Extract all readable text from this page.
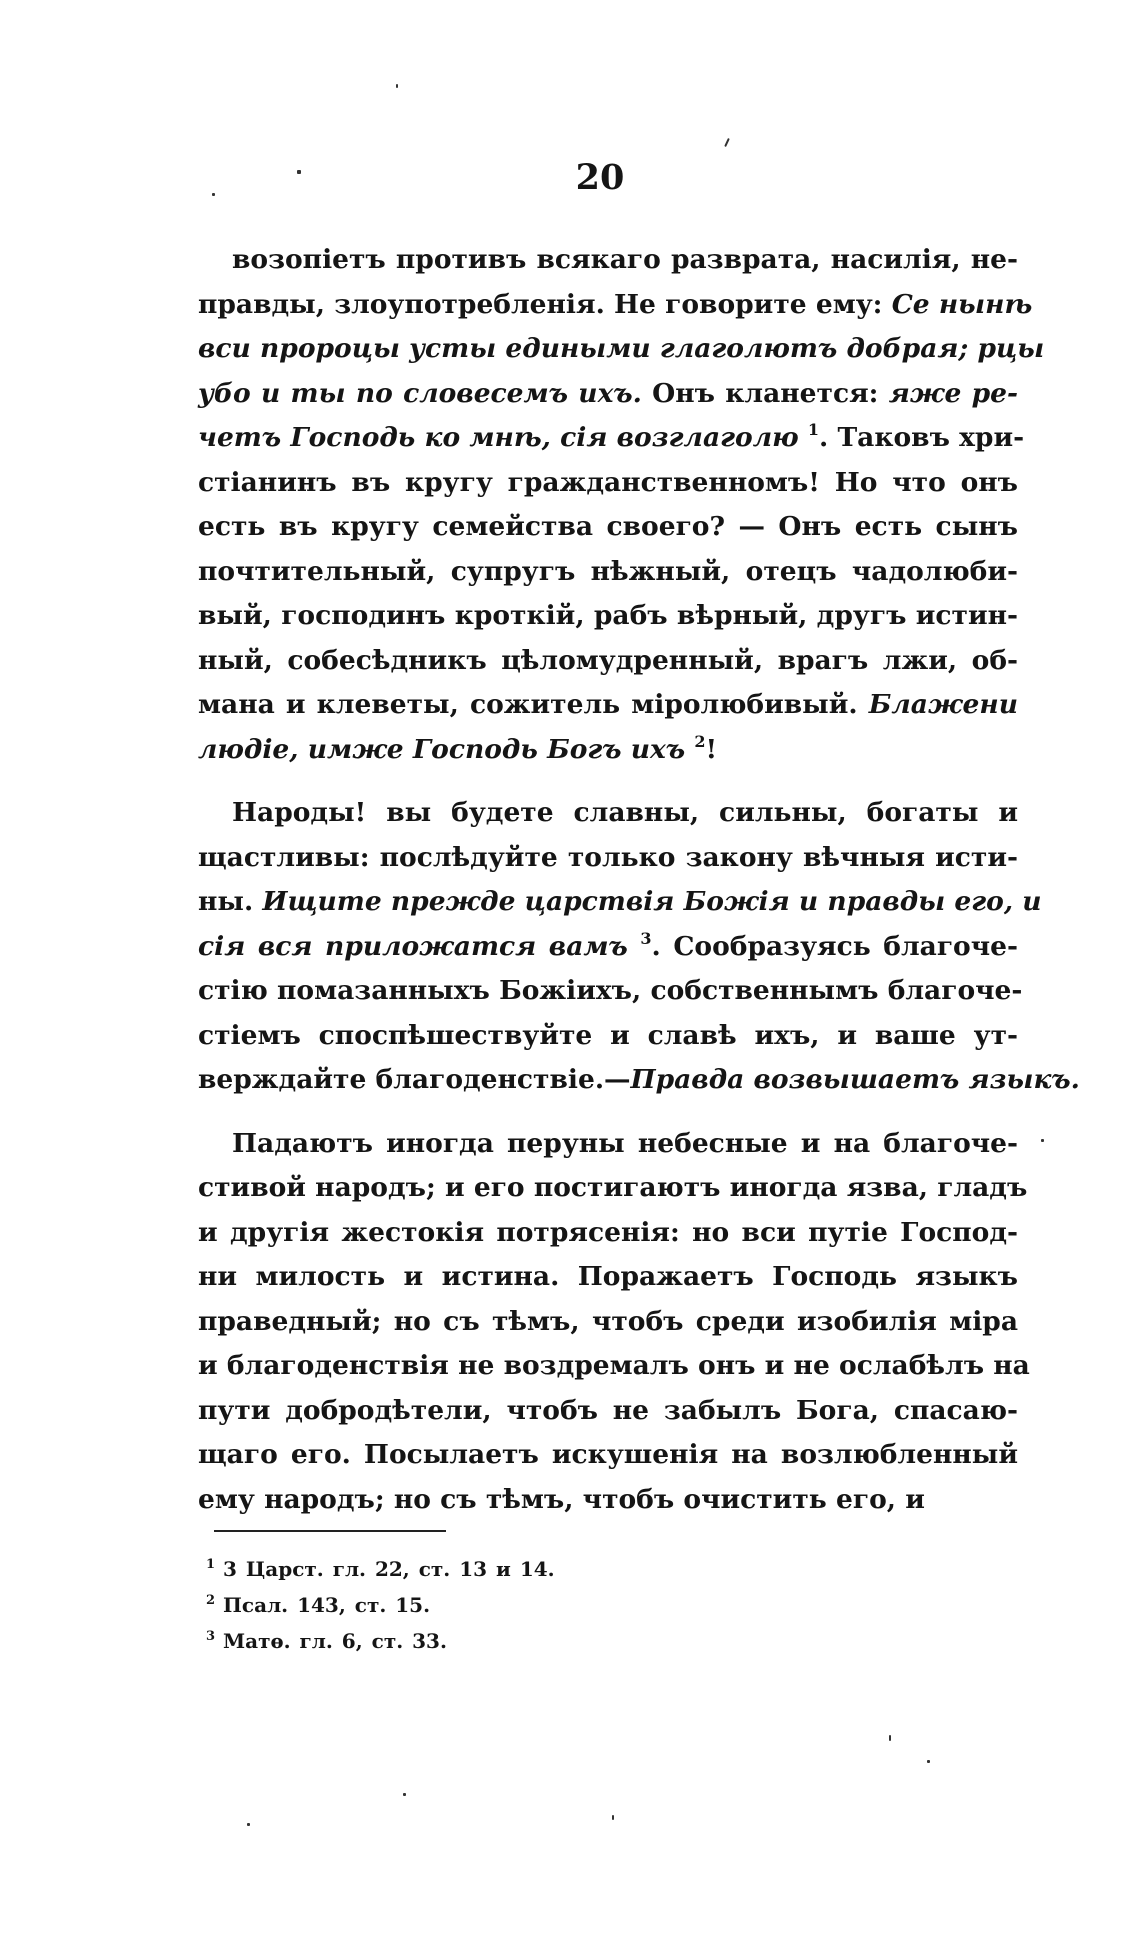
20
возопіетъ противъ всякаго разврата, насилія, не-
правды, злоупотребленія. Не говорите ему: Се нынѣ
вси пророцы усты едиными глаголютъ добрая; рцы
убо и ты по словесемъ ихъ. Онъ кланется: яже ре-
четъ Господь ко мнѣ, сія возглаголю $^1$. Таковъ хри-
стіанинъ въ кругу гражданственномъ! Но что онъ
есть въ кругу семейства своего? — Онъ есть сынъ
почтительный, супругъ нѣжный, отецъ чадолюби-
вый, господинъ кроткій, рабъ вѣрный, другъ истин-
ный, собесѣдникъ цѣломудренный, врагъ лжи, об-
мана и клеветы, сожитель міролюбивый. Блажени
людіе, имже Господь Богъ ихъ $^2$!
Народы! вы будете славны, сильны, богаты и
щастливы: послѣдуйте только закону вѣчныя исти-
ны. Ищите прежде царствія Божія и правды его, и
сія вся приложатся вамъ $^3$. Сообразуясь благоче-
стію помазанныхъ Божіихъ, собственнымъ благоче-
стіемъ споспѣшествуйте и славѣ ихъ, и ваше ут-
верждайте благоденствіе.—Правда возвышаетъ языкъ.
Падаютъ иногда перуны небесные и на благоче-
стивой народъ; и его постигаютъ иногда язва, гладъ
и другія жестокія потрясенія: но вси путіе Господ-
ни милость и истина. Поражаетъ Господь языкъ
праведный; но съ тѣмъ, чтобъ среди изобилія міра
и благоденствія не воздремалъ онъ и не ослабѣлъ на
пути добродѣтели, чтобъ не забылъ Бога, спасаю-
щаго его. Посылаетъ искушенія на возлюбленный
ему народъ; но съ тѣмъ, чтобъ очистить его, и
$^1$ 3 Царст. гл. 22, ст. 13 и 14.
$^2$ Псал. 143, ст. 15.
$^3$ Матѳ. гл. 6, ст. 33.
